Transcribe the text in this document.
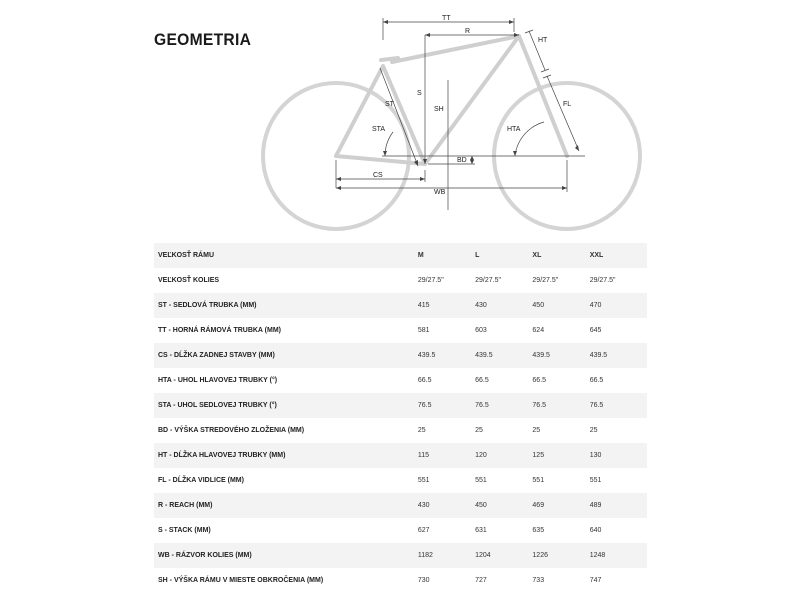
GEOMETRIA
TT
R
HT
S
SH
ST	FL
STA	HTA
BD
CS
WB
VEĽKOSŤ RÁMU	M	L	XL	XXL
VEĽKOSŤ KOLIES	29/27.5"	29/27.5"	29/27.5"	29/27.5"
ST - SEDLOVÁ TRUBKA (MM)	415	430	450	470
TT - HORNÁ RÁMOVÁ TRUBKA (MM)	581	603	624	645
CS - DĹŽKA ZADNEJ STAVBY (MM)	439.5	439.5	439.5	439.5
HTA - UHOL HLAVOVEJ TRUBKY (°)	66.5	66.5	66.5	66.5
STA - UHOL SEDLOVEJ TRUBKY (°)	76.5	76.5	76.5	76.5
BD - VÝŠKA STREDOVÉHO ZLOŽENIA (MM)	25	25	25	25
HT - DĹŽKA HLAVOVEJ TRUBKY (MM)	115	120	125	130
FL - DĹŽKA VIDLICE (MM)	551	551	551	551
R - REACH (MM)	430	450	469	489
S - STACK (MM)	627	631	635	640
WB - RÁZVOR KOLIES (MM)	1182	1204	1226	1248
SH - VÝŠKA RÁMU V MIESTE OBKROČENIA (MM)	730	727	733	747
